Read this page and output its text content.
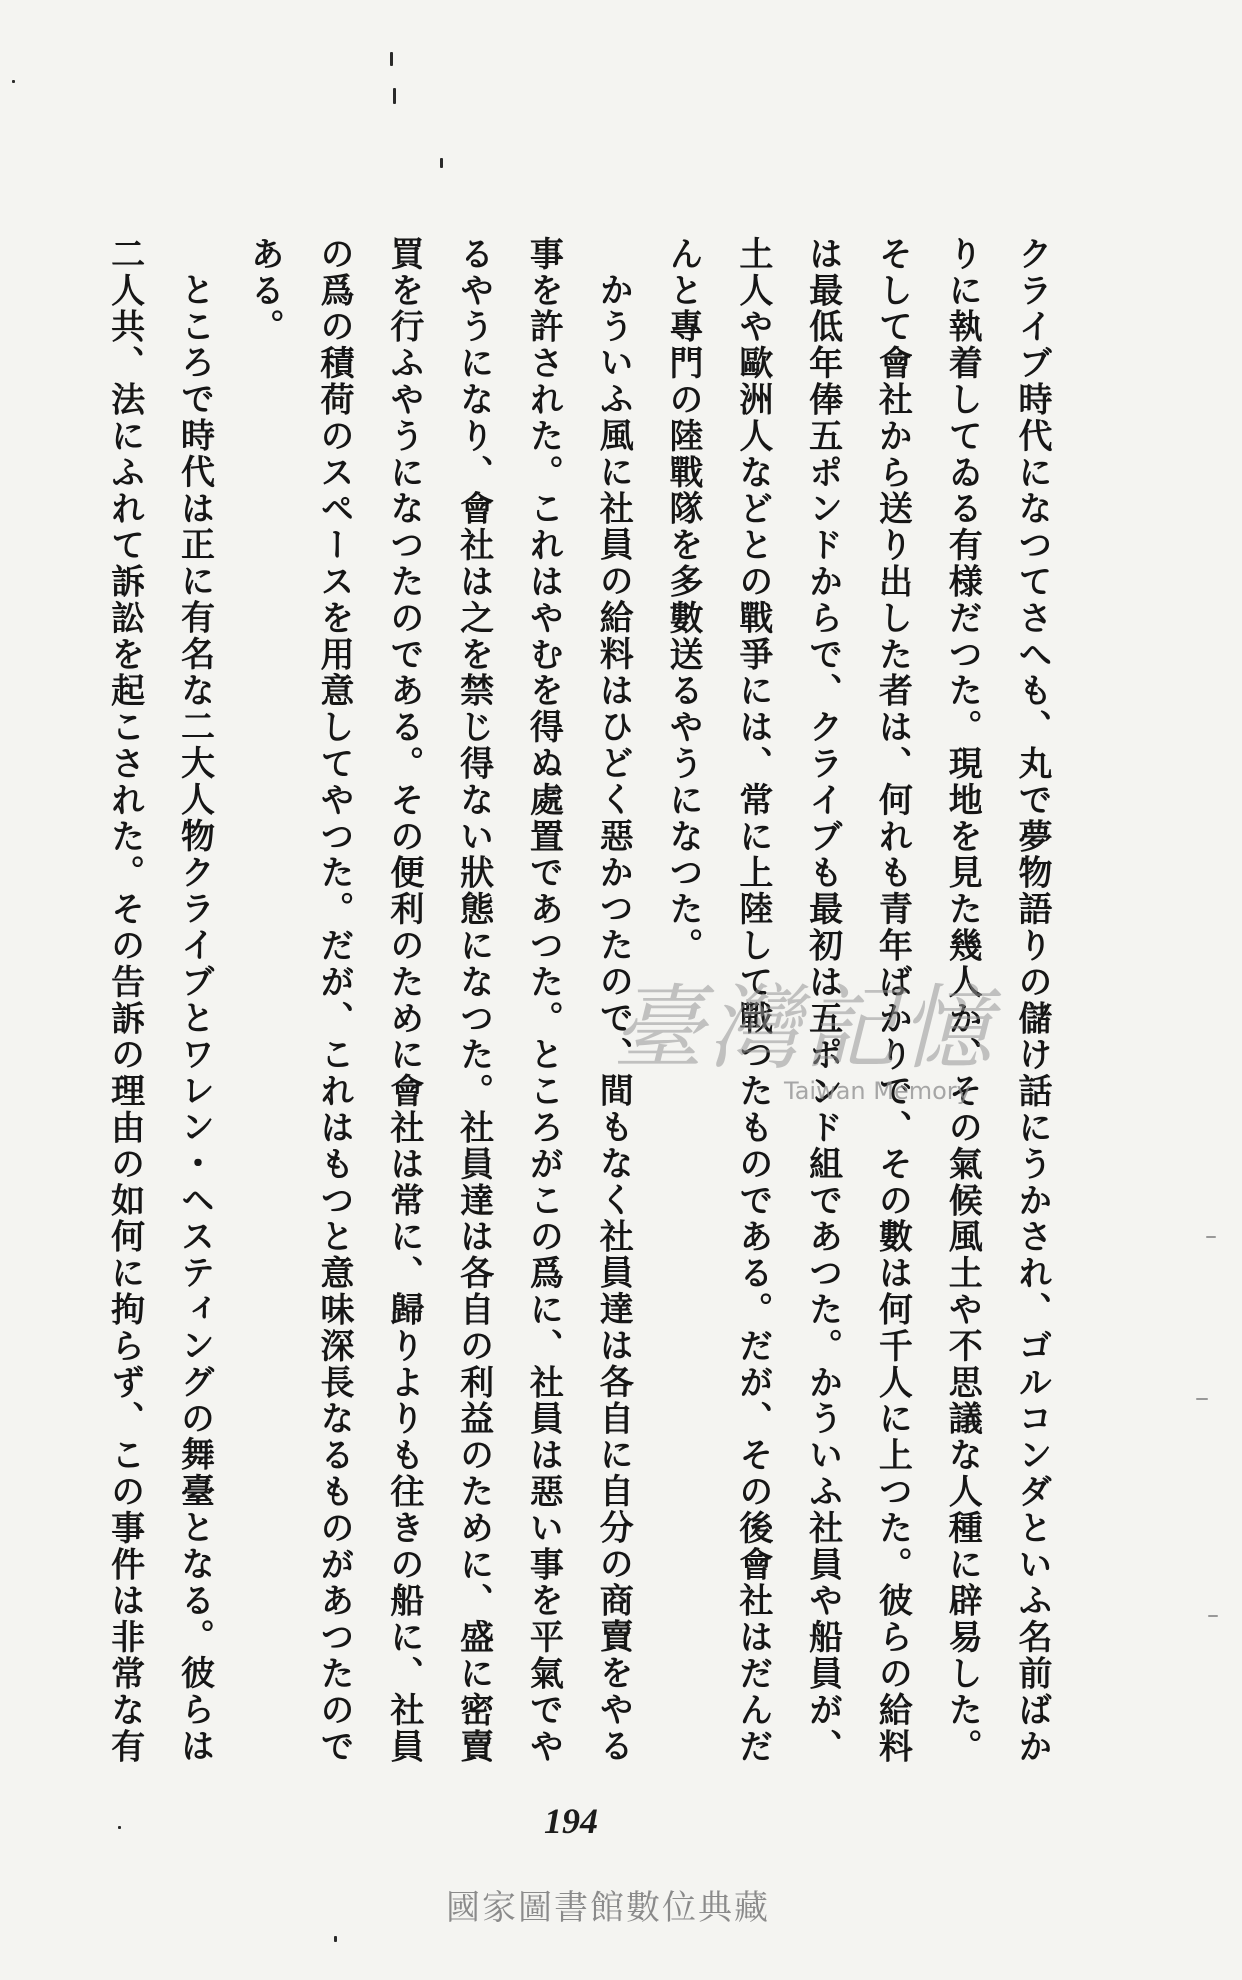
クライブ時代になつてさへも、丸で夢物語りの儲け話にうかされ、ゴルコンダといふ名前ばか
りに執着してゐる有様だつた。現地を見た幾人か、その氣候風土や不思議な人種に辟易した。
そして會社から送り出した者は、何れも青年ばかりで、その數は何千人に上つた。彼らの給料
は最低年俸五ポンドからで、クライブも最初は五ポンド組であつた。かういふ社員や船員が、
土人や歐洲人などとの戰爭には、常に上陸して戰つたものである。だが、その後會社はだんだ
んと專門の陸戰隊を多數送るやうになつた。
かういふ風に社員の給料はひどく惡かつたので、間もなく社員達は各自に自分の商賣をやる
事を許された。これはやむを得ぬ處置であつた。ところがこの爲に、社員は惡い事を平氣でや
るやうになり、會社は之を禁じ得ない狀態になつた。社員達は各自の利益のために、盛に密賣
買を行ふやうになつたのである。その便利のために會社は常に、歸りよりも往きの船に、社員
の爲の積荷のスペースを用意してやつた。だが、これはもつと意味深長なるものがあつたので
ある。
ところで時代は正に有名な二大人物クライブとワレン・ヘスティングの舞臺となる。彼らは
二人共、法にふれて訴訟を起こされた。その告訴の理由の如何に拘らず、この事件は非常な有	臺灣記憶
Taiwan Memory
194
國家圖書館數位典藏
